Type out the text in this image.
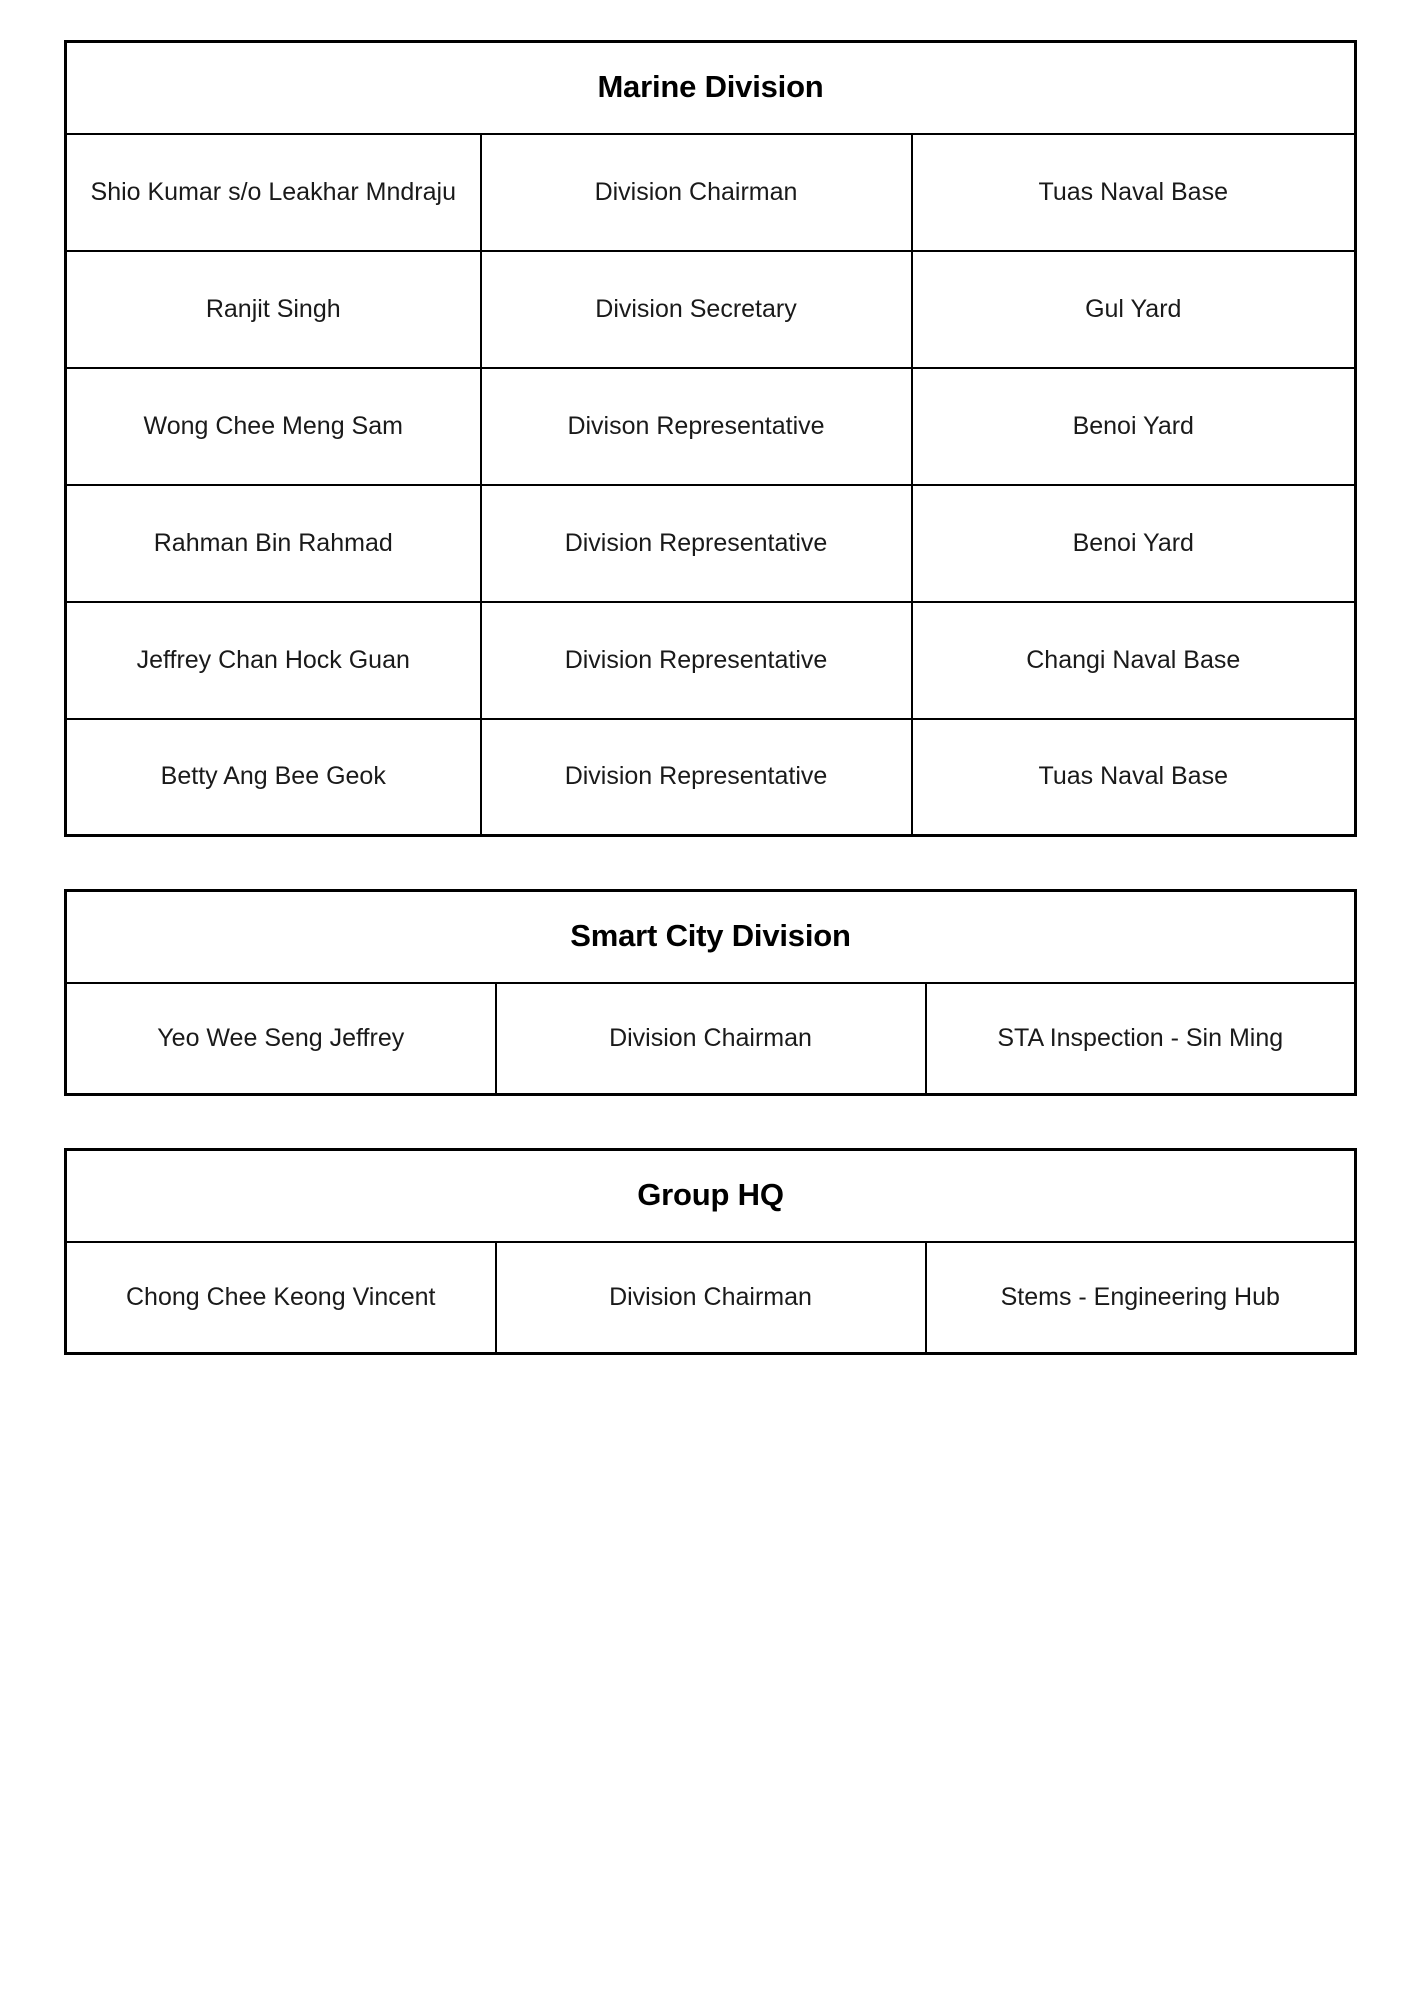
Marine Division		
Shio Kumar s/o Leakhar Mndraju	Division Chairman	Tuas Naval Base
Ranjit Singh	Division Secretary	Gul Yard
Wong Chee Meng Sam	Divison Representative	Benoi Yard
Rahman Bin Rahmad	Division Representative	Benoi Yard
Jeffrey Chan Hock Guan	Division Representative	Changi Naval Base
Betty Ang Bee Geok	Division Representative	Tuas Naval Base
Smart City Division
Yeo Wee Seng Jeffrey	Division Chairman	STA Inspection - Sin Ming
Group HQ
Chong Chee Keong Vincent	Division Chairman	Stems - Engineering Hub
